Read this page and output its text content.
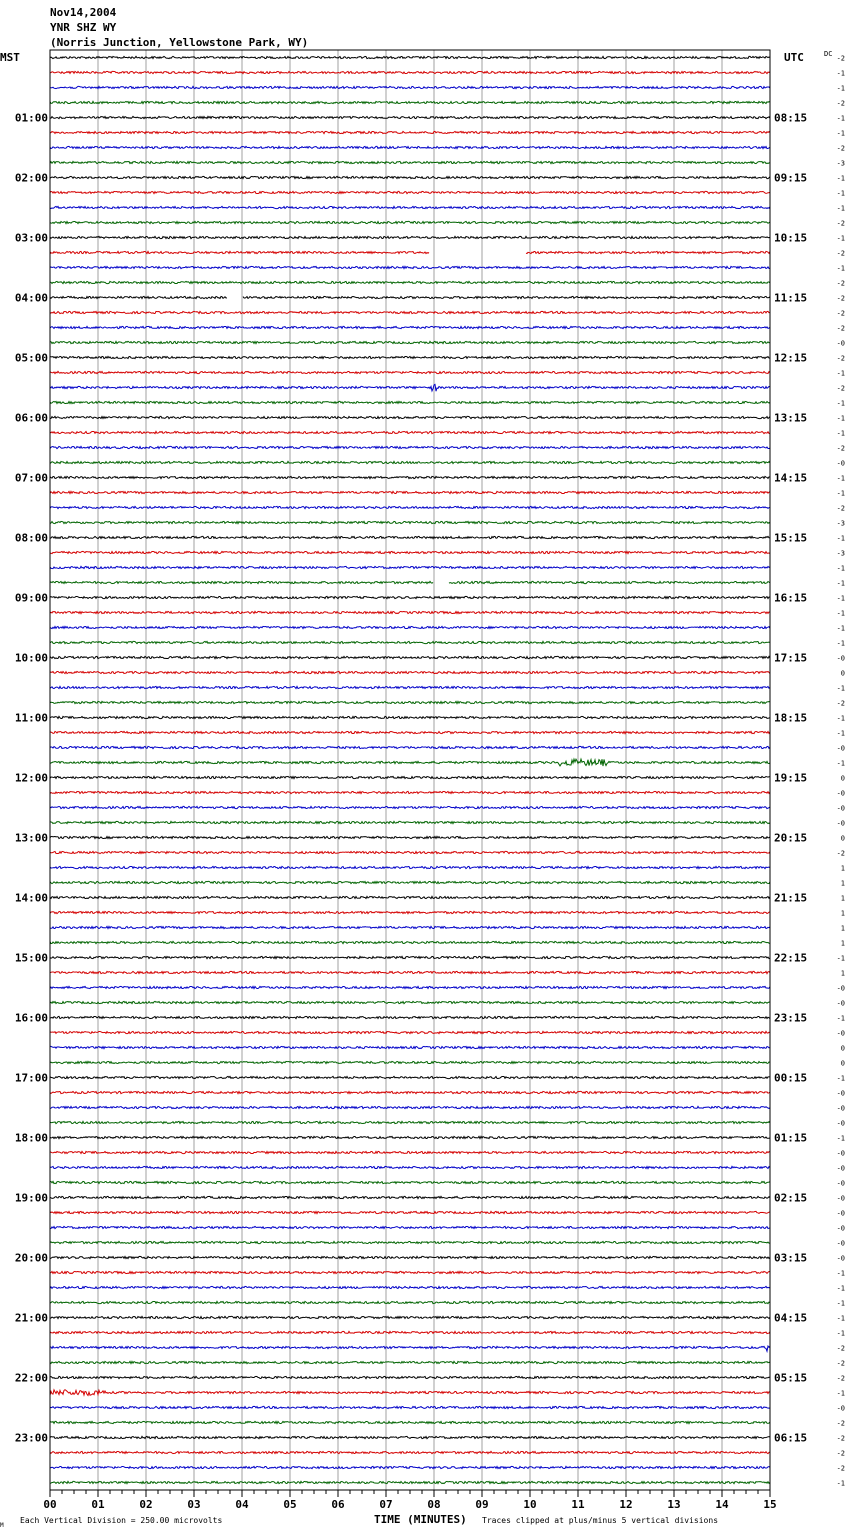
Nov14,2004
YNR SHZ WY
(Norris Junction, Yellowstone Park, WY)
MST	UTC	DC
Each Vertical Division = 250.00 microvolts	TIME (MINUTES) Traces clipped at plus/minus 5 vertical divisions
M
00	01	02	03	04	05	06	07	08	09	10	11	12	13	14	15
01:00	08:15
02:00	09:15
03:00	10:15
04:00	11:15
05:00	12:15
06:00	13:15
07:00	14:15
08:00	15:15
09:00	16:15
10:00	17:15
11:00	18:15
12:00	19:15
13:00	20:15
14:00	21:15
15:00	22:15
16:00	23:15
17:00	00:15
18:00	01:15
19:00	02:15
20:00	03:15
21:00	04:15
22:00	05:15
23:00	06:15
-2
-1
-1
-2
-1
-1
-2
-3
-1
-1
-1
-2
-1
-2
-1
-2
-2
-2
-2
-0
-2
-1
-2
-1
-1
-1
-2
-0
-1
-1
-2
-3
-1
-3
-1
-1
-1
-1
-1
-1
-0
0
-1
-2
-1
-1
-0
-1
0
-0
-0
-0
0
-2
1
1
1
1
1
1
-1
1
-0
-0
-1
-0
0
0
-1
-0
-0
-0
-1
-0
-0
-0
-0
-0
-0
-0
-0
-1
-1
-1
-1
-1
-2
-2
-2
-1
-0
-2
-2
-2
-2
-1
